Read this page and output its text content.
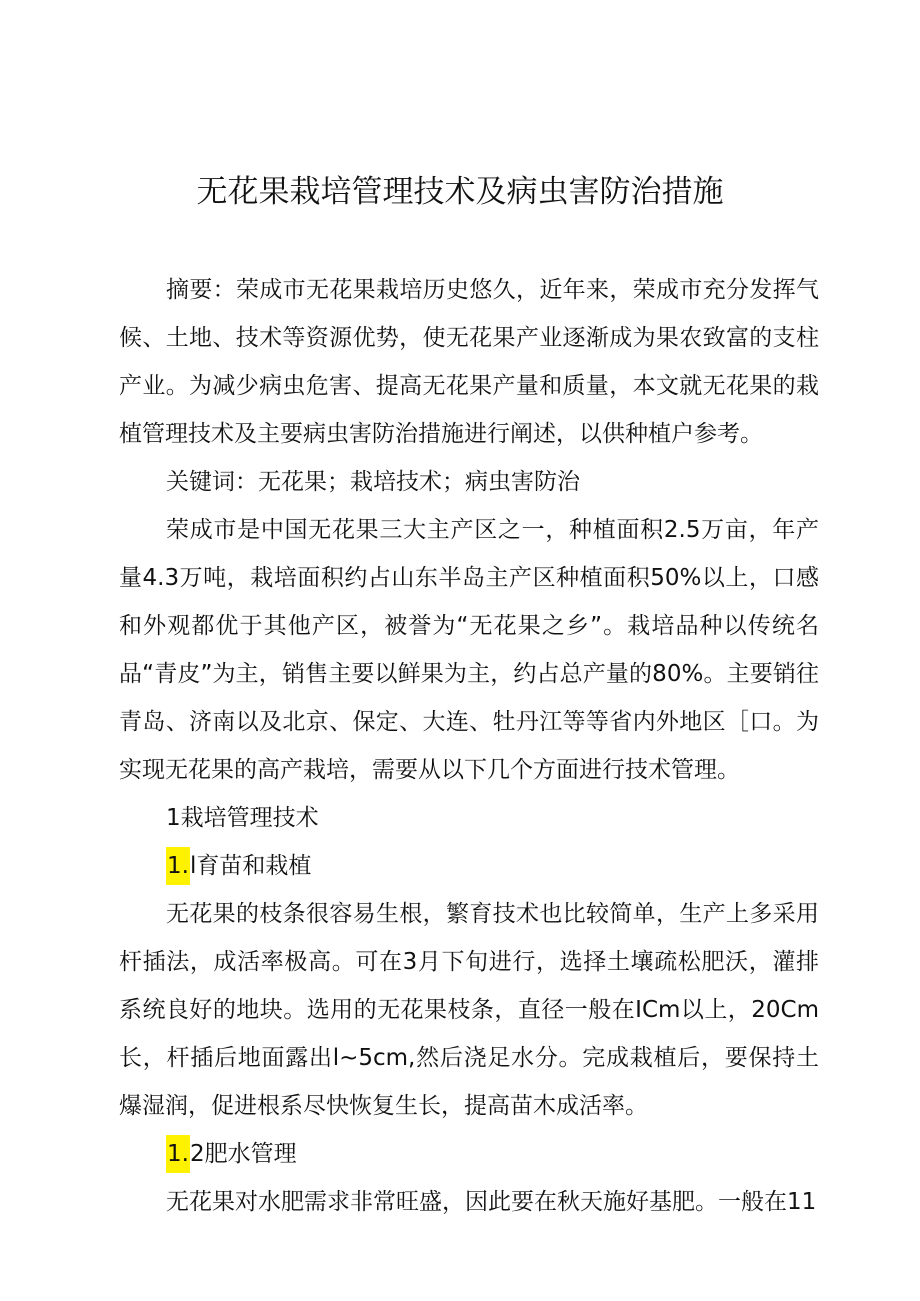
无花果栽培管理技术及病虫害防治措施

摘要：荣成市无花果栽培历史悠久，近年来，荣成市充分发挥气候、土地、技术等资源优势，使无花果产业逐渐成为果农致富的支柱产业。为减少病虫危害、提高无花果产量和质量，本文就无花果的栽植管理技术及主要病虫害防治措施进行阐述，以供种植户参考。

关键词：无花果；栽培技术；病虫害防治

荣成市是中国无花果三大主产区之一，种植面积2.5万亩，年产量4.3万吨，栽培面积约占山东半岛主产区种植面积50%以上，口感和外观都优于其他产区，被誉为“无花果之乡”。栽培品种以传统名品“青皮”为主，销售主要以鲜果为主，约占总产量的80%。主要销往青岛、济南以及北京、保定、大连、牡丹江等等省内外地区［口。为实现无花果的高产栽培，需要从以下几个方面进行技术管理。

1栽培管理技术

1.l育苗和栽植

无花果的枝条很容易生根，繁育技术也比较简单，生产上多采用杆插法，成活率极高。可在3月下旬进行，选择土壤疏松肥沃，灌排系统良好的地块。选用的无花果枝条，直径一般在ICm以上，20Cm长，杆插后地面露出l~5cm,然后浇足水分。完成栽植后，要保持土爆湿润，促进根系尽快恢复生长，提高苗木成活率。

1.2肥水管理

无花果对水肥需求非常旺盛，因此要在秋天施好基肥。一般在11
